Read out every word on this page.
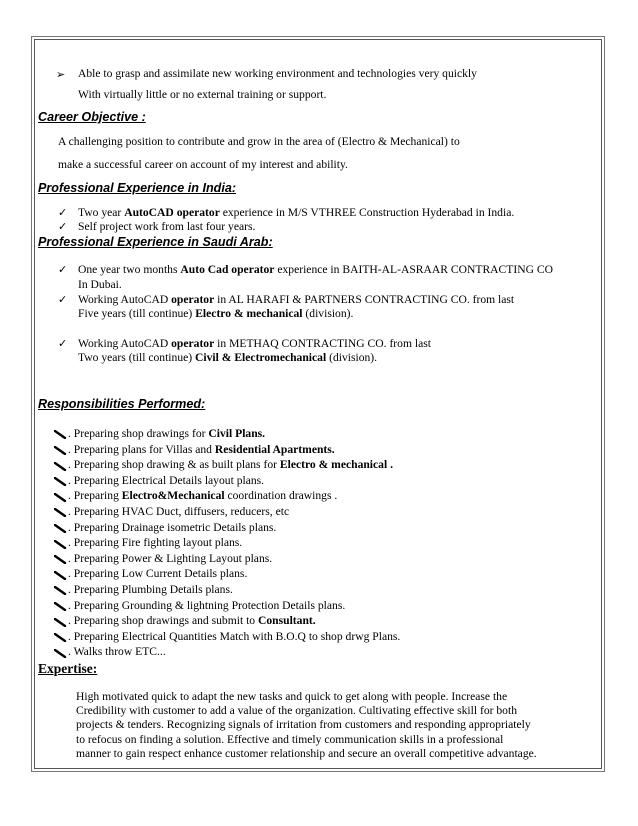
➢ Able to grasp and assimilate new working environment and technologies very quickly
With virtually little or no external training or support.
Career Objective :
A challenging position to contribute and grow in the area of (Electro & Mechanical) to
make a successful career on account of my interest and ability.
Professional Experience in India:
✓ Two year AutoCAD operator experience in M/S VTHREE Construction Hyderabad in India.
✓ Self project work from last four years.
Professional Experience in Saudi Arab:
✓ One year two months Auto Cad operator experience in BAITH-AL-ASRAAR CONTRACTING CO
In Dubai.
✓ Working AutoCAD operator in AL HARAFI & PARTNERS CONTRACTING CO. from last
Five years (till continue) Electro & mechanical (division).
✓ Working AutoCAD operator in METHAQ CONTRACTING CO. from last
Two years (till continue) Civil & Electromechanical (division).
Responsibilities Performed:
. Preparing shop drawings for Civil Plans.
. Preparing plans for Villas and Residential Apartments.
. Preparing shop drawing & as built plans for Electro & mechanical .
. Preparing Electrical Details layout plans.
. Preparing Electro&Mechanical coordination drawings .
. Preparing HVAC Duct, diffusers, reducers, etc
. Preparing Drainage isometric Details plans.
. Preparing Fire fighting layout plans.
. Preparing Power & Lighting Layout plans.
. Preparing Low Current Details plans.
. Preparing Plumbing Details plans.
. Preparing Grounding & lightning Protection Details plans.
. Preparing shop drawings and submit to Consultant.
. Preparing Electrical Quantities Match with B.O.Q to shop drwg Plans.
. Walks throw ETC...
Expertise:
High motivated quick to adapt the new tasks and quick to get along with people. Increase the
Credibility with customer to add a value of the organization. Cultivating effective skill for both
projects & tenders. Recognizing signals of irritation from customers and responding appropriately
to refocus on finding a solution. Effective and timely communication skills in a professional
manner to gain respect enhance customer relationship and secure an overall competitive advantage.
